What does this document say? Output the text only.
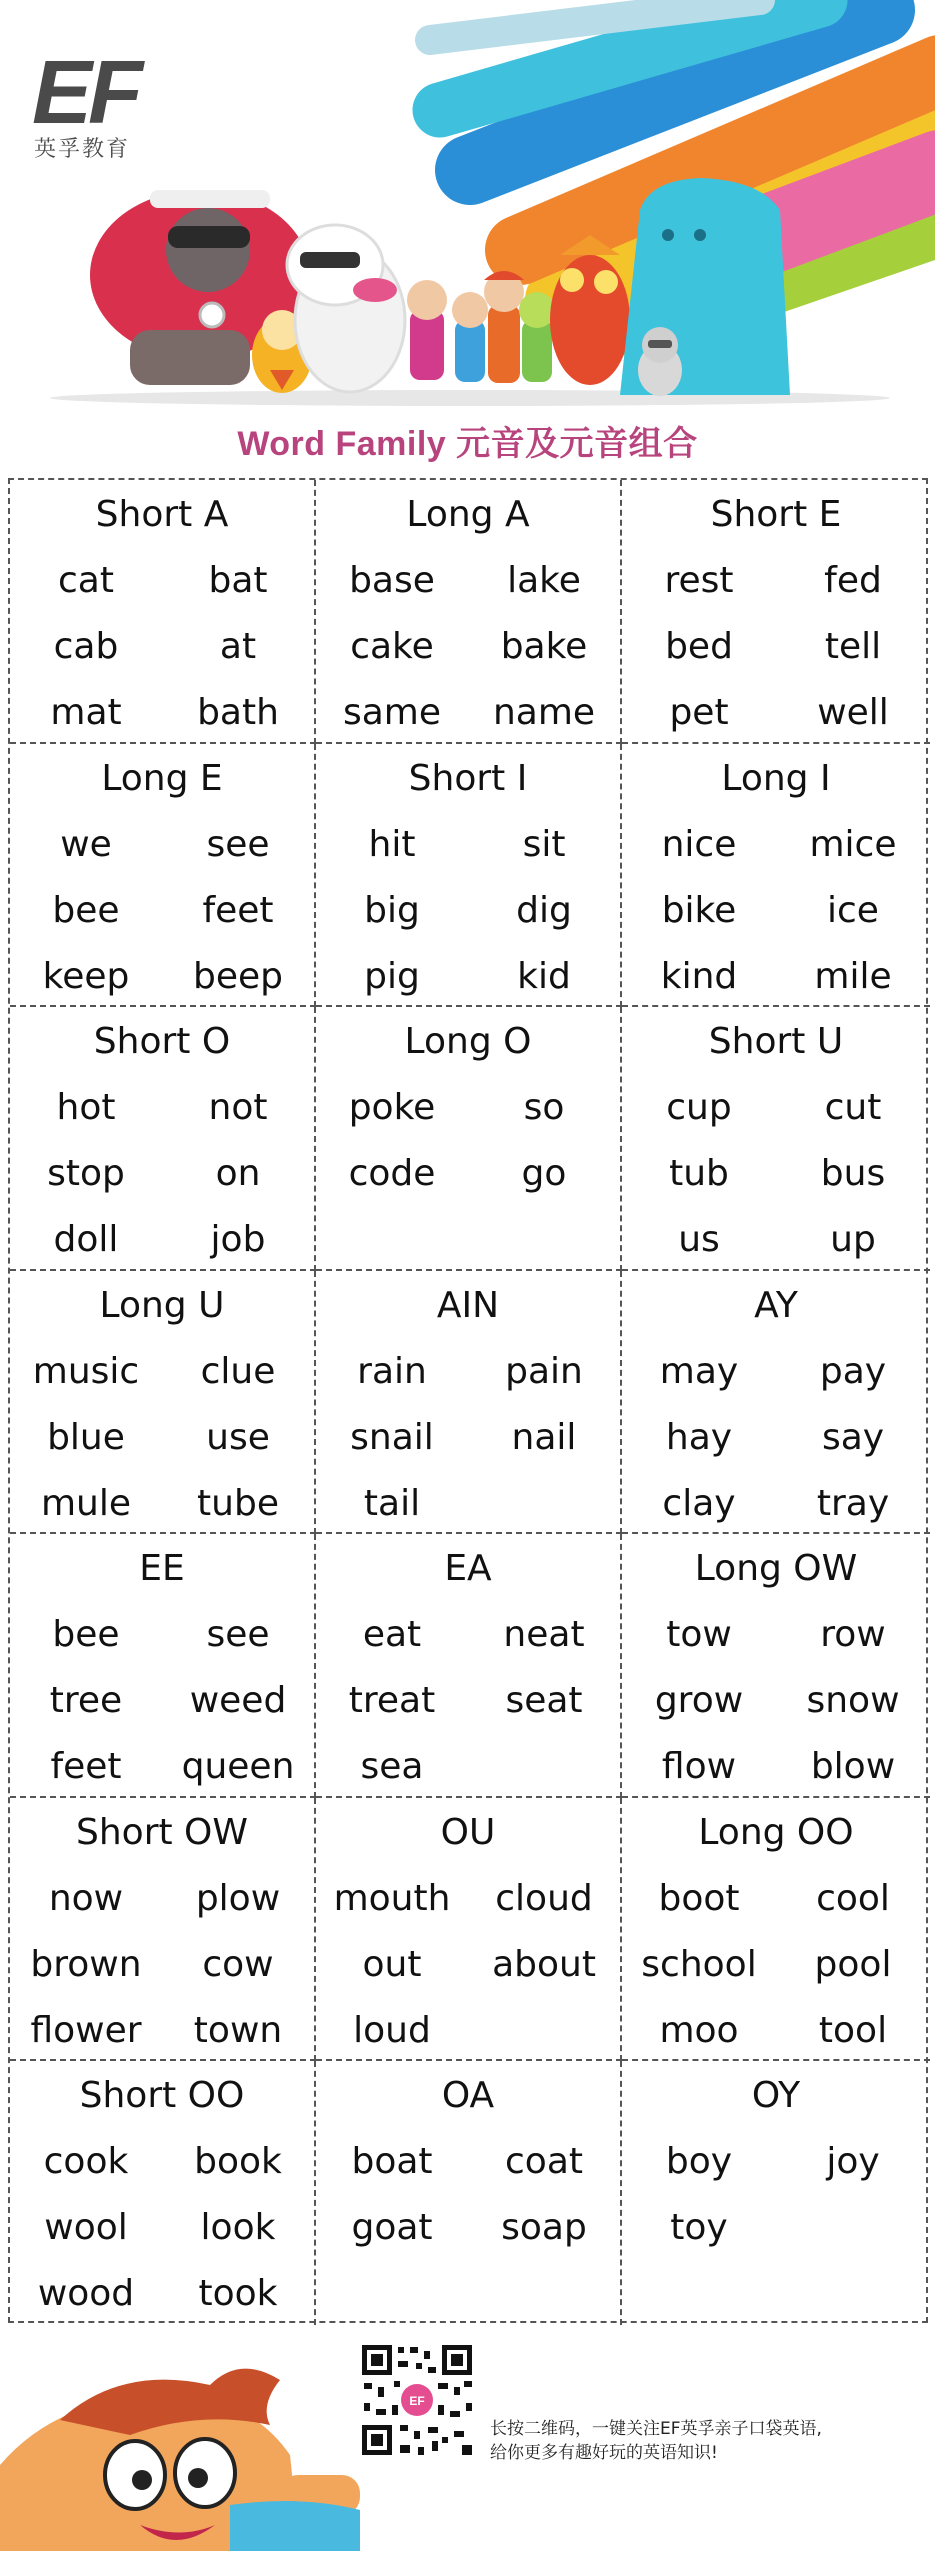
EF
英孚教育
Word Family 元音及元音组合
Short A
cat	bat
cab	at
mat	bath
Long A
base	lake
cake	bake
same	name
Short E
rest	fed
bed	tell
pet	well
Long E
we	see
bee	feet
keep	beep
Short I
hit	sit
big	dig
pig	kid
Long I
nice	mice
bike	ice
kind	mile
Short O
hot	not
stop	on
doll	job
Long O
poke	so
code	go
Short U
cup	cut
tub	bus
us	up
Long U
music	clue
blue	use
mule	tube
AIN
rain	pain
snail	nail
tail
AY
may	pay
hay	say
clay	tray
EE
bee	see
tree	weed
feet	queen
EA
eat	neat
treat	seat
sea
Long OW
tow	row
grow	snow
flow	blow
Short OW
now	plow
brown	cow
flower	town
OU
mouth	cloud
out	about
loud
Long OO
boot	cool
school	pool
moo	tool
Short OO
cook	book
wool	look
wood	took
OA
boat	coat
goat	soap
OY
boy	joy
toy
EF
长按二维码，一键关注EF英孚亲子口袋英语,
给你更多有趣好玩的英语知识!
